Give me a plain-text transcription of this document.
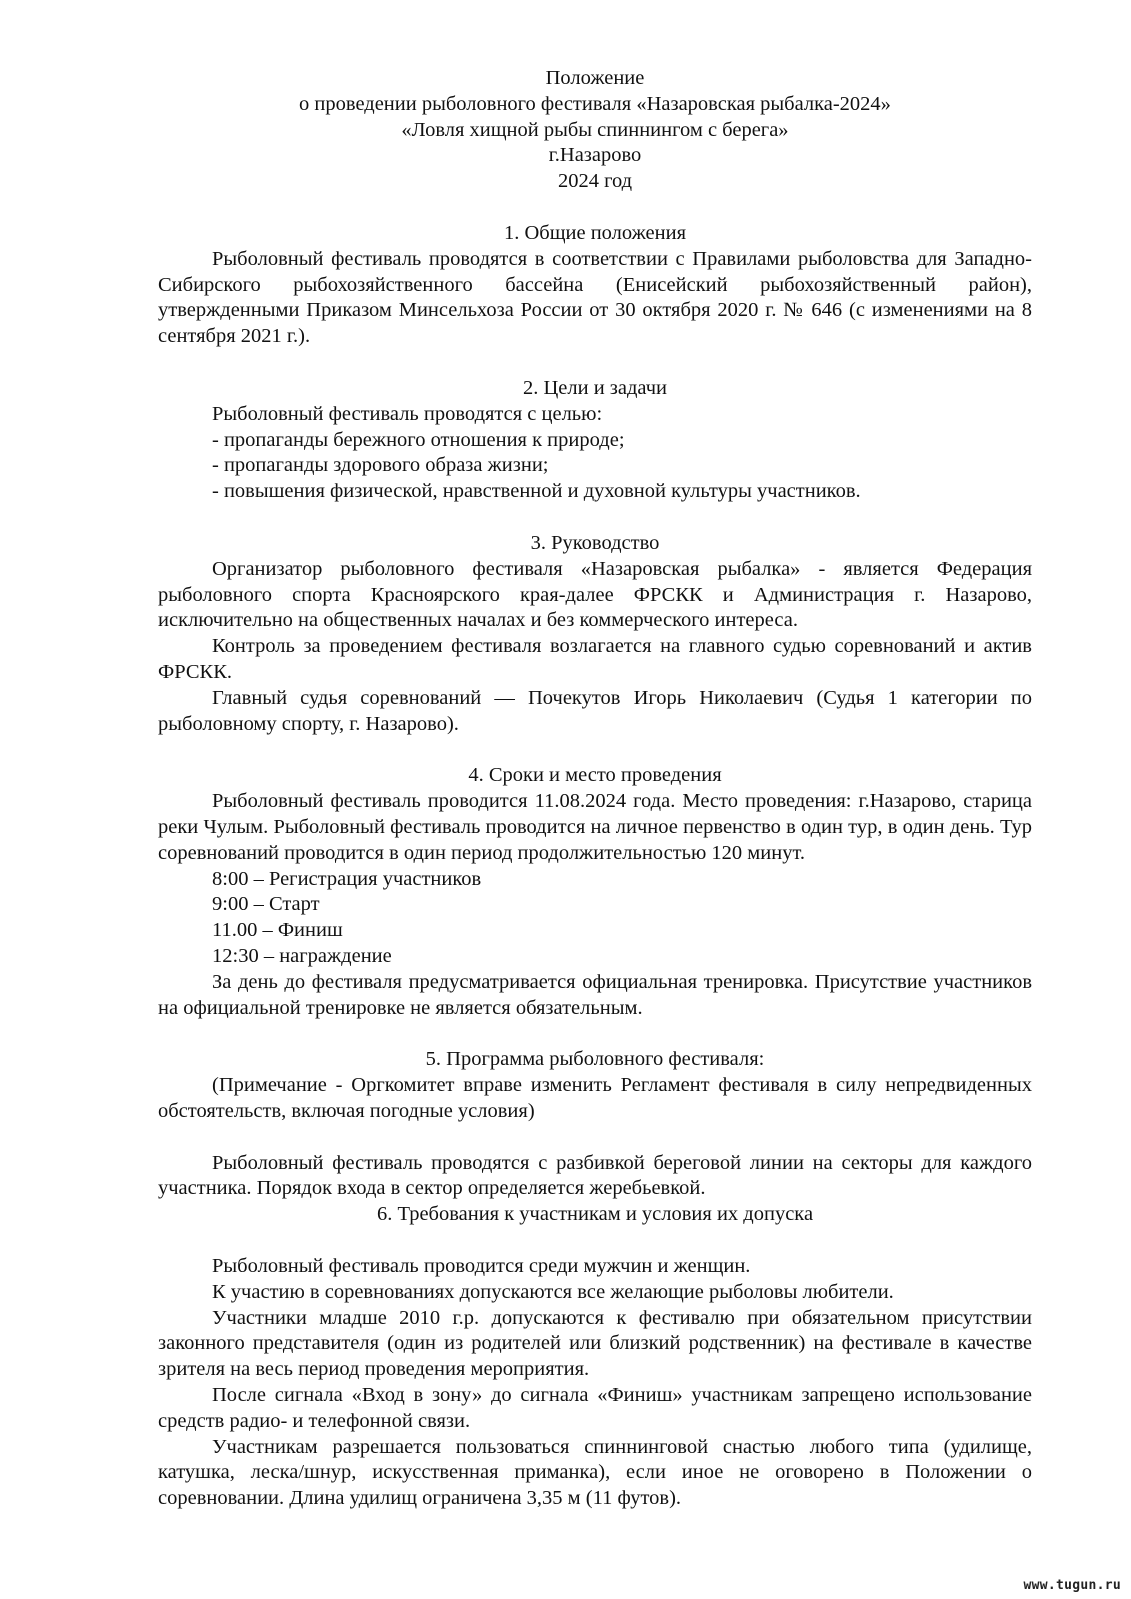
Положение
о проведении рыболовного фестиваля «Назаровская рыбалка-2024»
«Ловля хищной рыбы спиннингом с берега»
г.Назарово
2024 год
1. Общие положения
Рыболовный фестиваль проводятся в соответствии с Правилами рыболовства для Западно-Сибирского рыбохозяйственного бассейна (Енисейский рыбохозяйственный район), утвержденными Приказом Минсельхоза России от 30 октября 2020 г. № 646 (с изменениями на 8 сентября 2021 г.).
2. Цели и задачи
Рыболовный фестиваль проводятся с целью:
- пропаганды бережного отношения к природе;
- пропаганды здорового образа жизни;
- повышения физической, нравственной и духовной культуры участников.
3. Руководство
Организатор рыболовного фестиваля «Назаровская рыбалка» - является Федерация рыболовного спорта Красноярского края-далее ФРСКК и Администрация г. Назарово, исключительно на общественных началах и без коммерческого интереса.
Контроль за проведением фестиваля возлагается на главного судью соревнований и актив ФРСКК.
Главный судья соревнований — Почекутов Игорь Николаевич (Судья 1 категории по рыболовному спорту, г. Назарово).
4. Сроки и место проведения
Рыболовный фестиваль проводится 11.08.2024 года. Место проведения: г.Назарово, старица реки Чулым. Рыболовный фестиваль проводится на личное первенство в один тур, в один день. Тур соревнований проводится в один период продолжительностью 120 минут.
8:00 – Регистрация участников
9:00 – Старт
11.00 – Финиш
12:30 – награждение
За день до фестиваля предусматривается официальная тренировка. Присутствие участников на официальной тренировке не является обязательным.
5. Программа рыболовного фестиваля:
(Примечание - Оргкомитет вправе изменить Регламент фестиваля в силу непредвиденных обстоятельств, включая погодные условия)
Рыболовный фестиваль проводятся с разбивкой береговой линии на секторы для каждого участника. Порядок входа в сектор определяется жеребьевкой.
6. Требования к участникам и условия их допуска
Рыболовный фестиваль проводится среди мужчин и женщин.
К участию в соревнованиях допускаются все желающие рыболовы любители.
Участники младше 2010 г.р. допускаются к фестивалю при обязательном присутствии законного представителя (один из родителей или близкий родственник) на фестивале в качестве зрителя на весь период проведения мероприятия.
После сигнала «Вход в зону» до сигнала «Финиш» участникам запрещено использование средств радио- и телефонной связи.
Участникам разрешается пользоваться спиннинговой снастью любого типа (удилище, катушка, леска/шнур, искусственная приманка), если иное не оговорено в Положении о соревновании. Длина удилищ ограничена 3,35 м (11 футов).
www.tugun.ru
